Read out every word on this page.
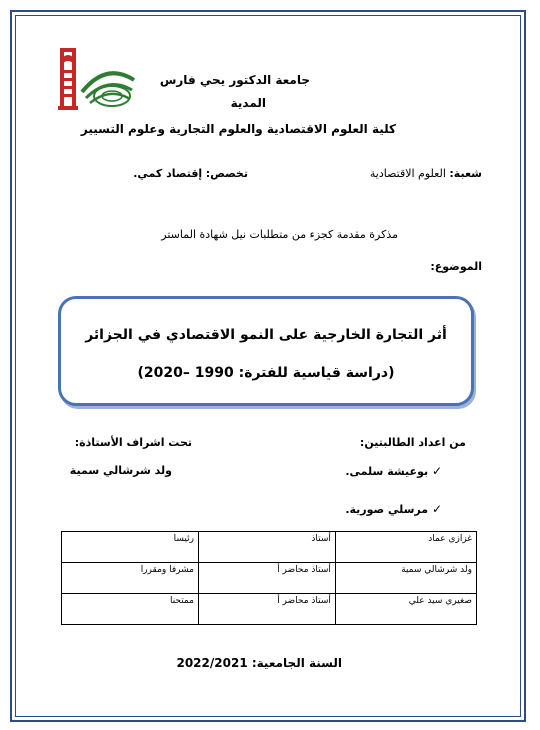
جامعة الدكتور يحي فارس
المدية
كلية العلوم الاقتصادية والعلوم التجارية وعلوم التسيير
شعبة: العلوم الاقتصادية
تخصص: إقتصاد كمي.
مذكرة مقدمة كجزء من متطلبات نيل شهادة الماستر
الموضوع:
أثر التجارة الخارجية على النمو الاقتصادي في الجزائر
(دراسة قياسية للفترة: 1990 –2020)
من اعداد الطالبتين:
✓ بوعيشة سلمى.
✓ مرسلي صورية.
تحت اشراف الأستاذة:
ولد شرشالي سمية
غزازي عماد	أستاذ	رئيسا
ولد شرشالي سمية	أستاذ محاضر أ	مشرفا ومقررا
صغيري سيد علي	أستاذ محاضر أ	ممتحنا
السنة الجامعية: 2022/2021
